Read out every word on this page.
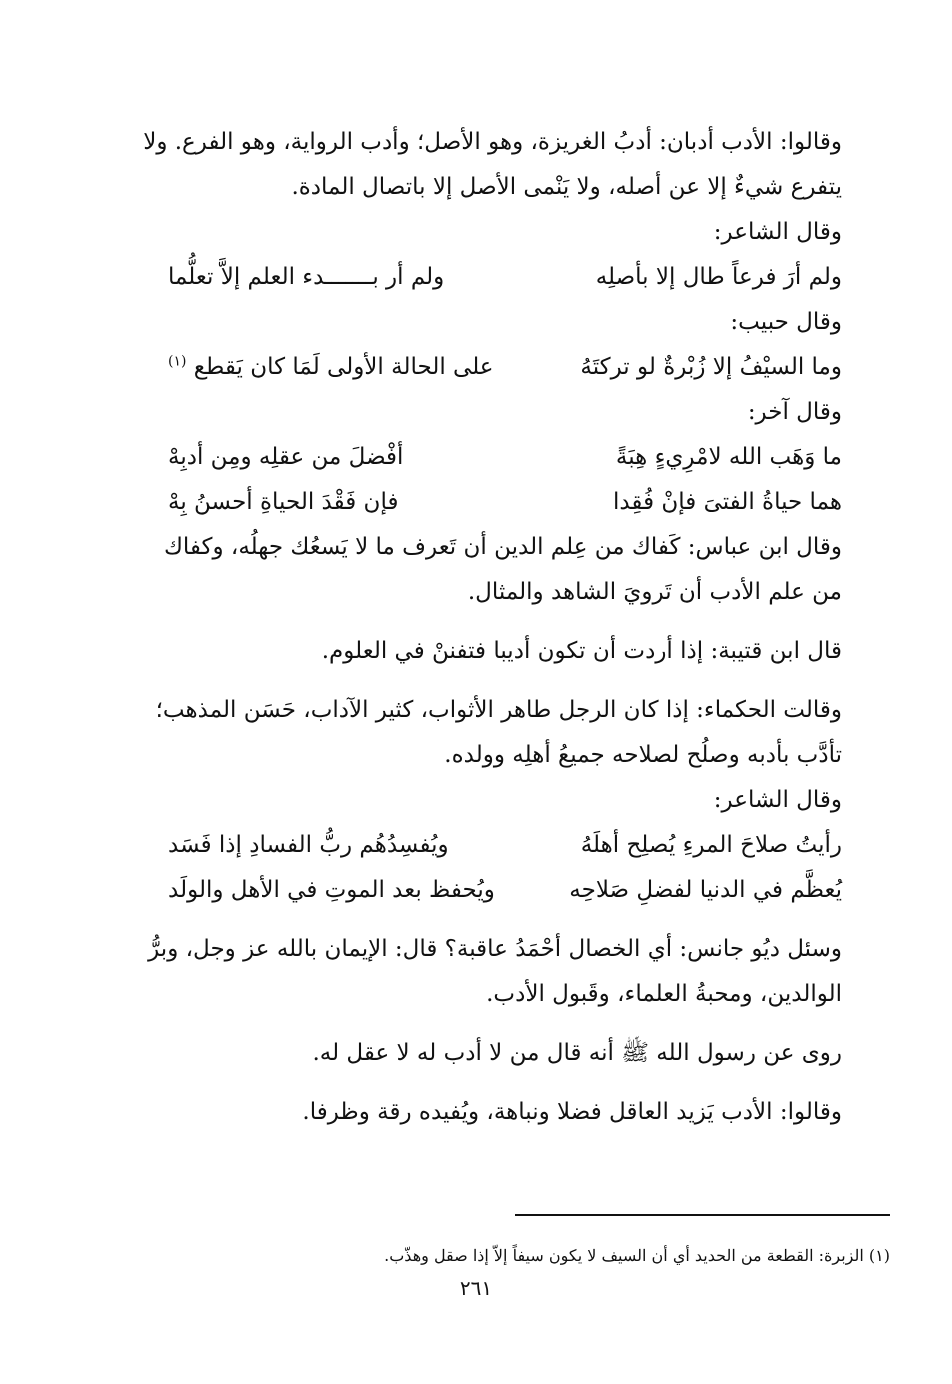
وقالوا: الأدب أدبان: أدبُ الغريزة، وهو الأصل؛ وأدب الرواية، وهو الفرع. ولا يتفرع شيءٌ إلا عن أصله، ولا يَنْمى الأصل إلا باتصال المادة.

وقال الشاعر:

ولم أرَ فرعاً طال إلا بأصلِه
ولم أر بـــــــدء العلم إلاَّ تعلُّما

وقال حبيب:

وما السيْفُ إلا زُبْرةٌ لو تركتَهُ
على الحالة الأولى لَمَا كان يَقطع $^{(١)}$

وقال آخر:

ما وَهَب الله لامْرِيءٍ هِبَةً
أفْضلَ من عقلِه ومِن أدبِهْ
هما حياةُ الفتىَ فإنْ فُقِدا
فإن فَقْدَ الحياةِ أحسنُ بِهْ

وقال ابن عباس: كَفاك من عِلم الدين أن تَعرف ما لا يَسعُك جهلُه، وكفاك من علم الأدب أن تَرويَ الشاهد والمثال.

قال ابن قتيبة: إذا أردت أن تكون أديبا فتفننْ في العلوم.

وقالت الحكماء: إذا كان الرجل طاهر الأثواب، كثير الآداب، حَسَن المذهب؛ تأدَّب بأدبه وصلُح لصلاحه جميعُ أهلِه وولده.

وقال الشاعر:

رأيتُ صلاحَ المرءِ يُصلِح أهلَهُ
ويُفسِدُهُم ربُّ الفسادِ إذا فَسَد
يُعظَّم في الدنيا لفضلِ صَلاحِه
ويُحفظ بعد الموتِ في الأهل والولَد

وسئل ديُو جانس: أي الخصال أحْمَدُ عاقبة؟ قال: الإيمان بالله عز وجل، وبرُّ الوالدين، ومحبةُ العلماء، وقَبول الأدب.

روى عن رسول الله ﷺ أنه قال من لا أدب له لا عقل له.

وقالوا: الأدب يَزيد العاقل فضلا ونباهة، ويُفيده رقة وظرفا.

(١) الزبرة: القطعة من الحديد أي أن السيف لا يكون سيفاً إلاّ إذا صقل وهذّب.

٢٦١
